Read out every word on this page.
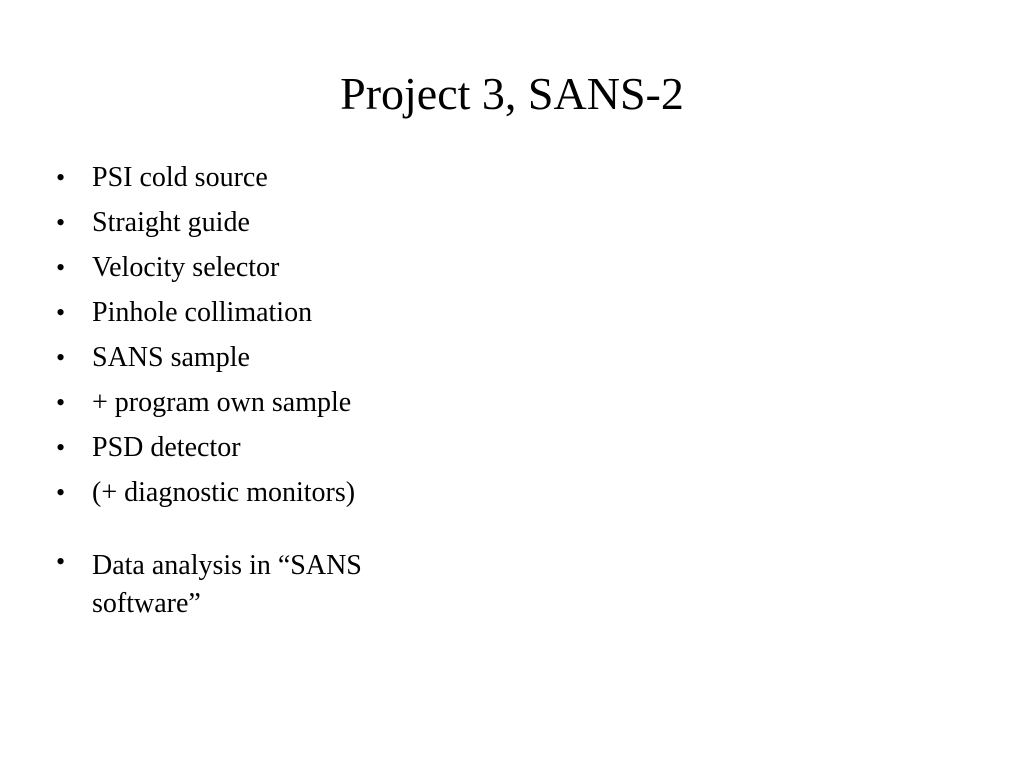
Project 3, SANS-2
• PSI cold source
• Straight guide
• Velocity selector
• Pinhole collimation
• SANS sample
• + program own sample
• PSD detector
• (+ diagnostic monitors)
• Data analysis in “SANS software”
